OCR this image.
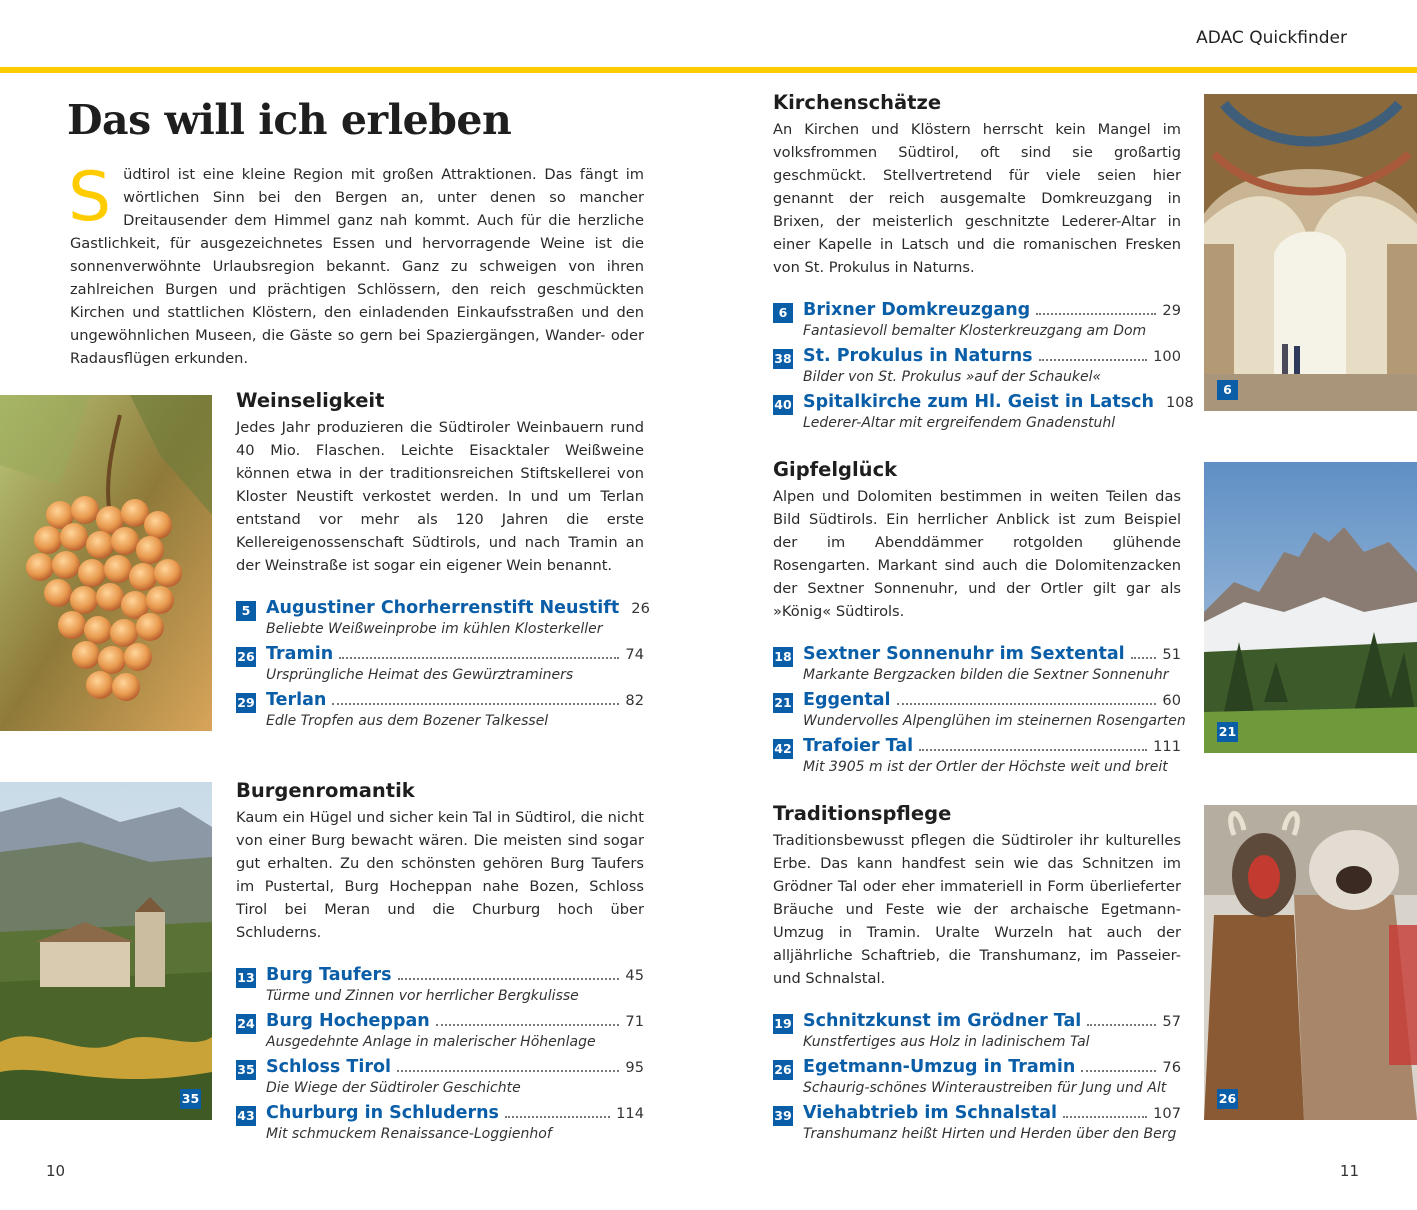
ADAC Quickfinder
Das will ich erleben
S üdtirol ist eine kleine Region mit großen Attraktionen. Das fängt im wörtlichen Sinn bei den Bergen an, unter denen so mancher Dreitausender dem Himmel ganz nah kommt. Auch für die herzliche Gastlichkeit, für ausgezeichnetes Essen und hervorragende Weine ist die sonnenverwöhnte Urlaubsregion bekannt. Ganz zu schweigen von ihren zahlreichen Burgen und prächtigen Schlössern, den reich geschmückten Kirchen und stattlichen Klöstern, den einladenden Einkaufsstraßen und den ungewöhnlichen Museen, die Gäste so gern bei Spaziergängen, Wander- oder Radausflügen erkunden.

35
6
21
26
Weinseligkeit

Jedes Jahr produzieren die Südtiroler Weinbauern rund 40 Mio. Flaschen. Leichte Eisacktaler Weißweine können etwa in der traditionsreichen Stiftskellerei von Kloster Neustift verkostet werden. In und um Terlan entstand vor mehr als 120 Jahren die erste Kellereigenossenschaft Südtirols, und nach Tramin an der Weinstraße ist sogar ein eigener Wein benannt.

5 Augustiner Chorherrenstift Neustift 26
Beliebte Weißweinprobe im kühlen Klosterkeller
26 Tramin	74
Ursprüngliche Heimat des Gewürztraminers
29 Terlan	82
Edle Tropfen aus dem Bozener Talkessel
Burgenromantik

Kaum ein Hügel und sicher kein Tal in Südtirol, die nicht von einer Burg bewacht wären. Die meisten sind sogar gut erhalten. Zu den schönsten gehören Burg Taufers im Pustertal, Burg Hocheppan nahe Bozen, Schloss Tirol bei Meran und die Churburg hoch über Schluderns.

13 Burg Taufers	45
Türme und Zinnen vor herrlicher Bergkulisse
24 Burg Hocheppan	71
Ausgedehnte Anlage in malerischer Höhenlage
35 Schloss Tirol	95
Die Wiege der Südtiroler Geschichte
43 Churburg in Schluderns	114
Mit schmuckem Renaissance-Loggienhof
Kirchenschätze

An Kirchen und Klöstern herrscht kein Mangel im volksfrommen Südtirol, oft sind sie großartig geschmückt. Stellvertretend für viele seien hier genannt der reich ausgemalte Domkreuzgang in Brixen, der meisterlich geschnitzte Lederer-Altar in einer Kapelle in Latsch und die romanischen Fresken von St. Prokulus in Naturns.

6 Brixner Domkreuzgang	29
Fantasievoll bemalter Klosterkreuzgang am Dom
38 St. Prokulus in Naturns	100
Bilder von St. Prokulus »auf der Schaukel«
40 Spitalkirche zum Hl. Geist in Latsch 108
Lederer-Altar mit ergreifendem Gnadenstuhl
Gipfelglück

Alpen und Dolomiten bestimmen in weiten Teilen das Bild Südtirols. Ein herrlicher Anblick ist zum Beispiel der im Abenddämmer rotgolden glühende Rosengarten. Markant sind auch die Dolomitenzacken der Sextner Sonnenuhr, und der Ortler gilt gar als »König« Südtirols.

18 Sextner Sonnenuhr im Sextental	51
Markante Bergzacken bilden die Sextner Sonnenuhr
21 Eggental	60
Wundervolles Alpenglühen im steinernen Rosengarten
42 Trafoier Tal	111
Mit 3905 m ist der Ortler der Höchste weit und breit
Traditionspflege

Traditionsbewusst pflegen die Südtiroler ihr kulturelles Erbe. Das kann handfest sein wie das Schnitzen im Grödner Tal oder eher immateriell in Form überlieferter Bräuche und Feste wie der archaische Egetmann-Umzug in Tramin. Uralte Wurzeln hat auch der alljährliche Schaftrieb, die Transhumanz, im Passeier- und Schnalstal.

19 Schnitzkunst im Grödner Tal	57
Kunstfertiges aus Holz in ladinischem Tal
26 Egetmann-Umzug in Tramin	76
Schaurig-schönes Winteraustreiben für Jung und Alt
39 Viehabtrieb im Schnalstal	107
Transhumanz heißt Hirten und Herden über den Berg
10	11
